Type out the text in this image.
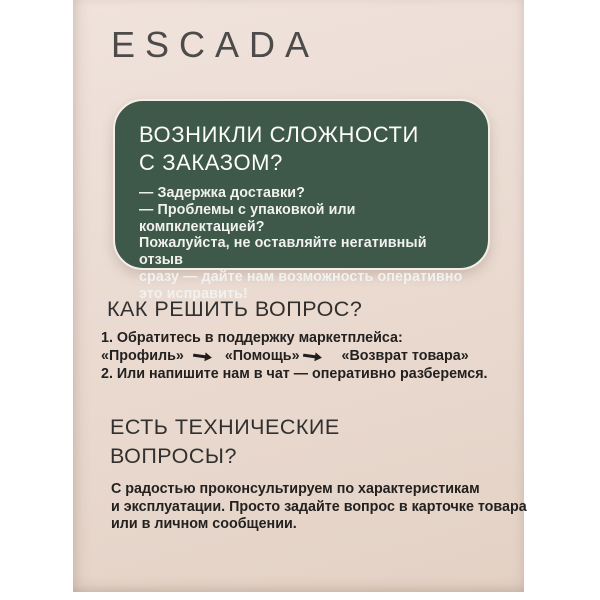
ESCADA
ВОЗНИКЛИ СЛОЖНОСТИ
С ЗАКАЗОМ?
— Задержка доставки?
— Проблемы с упаковкой или компклектацией?
Пожалуйста, не оставляйте негативный отзыв
сразу — дайте нам возможность оперативно
это исправить!
КАК РЕШИТЬ ВОПРОС?
1. Обратитесь в поддержку маркетплейса:
«Профиль»	«Помощь»	«Возврат товара»
2. Или напишите нам в чат — оперативно разберемся.
ЕСТЬ ТЕХНИЧЕСКИЕ
ВОПРОСЫ?
С радостью проконсультируем по характеристикам
и эксплуатации. Просто задайте вопрос в карточке товара
или в личном сообщении.
